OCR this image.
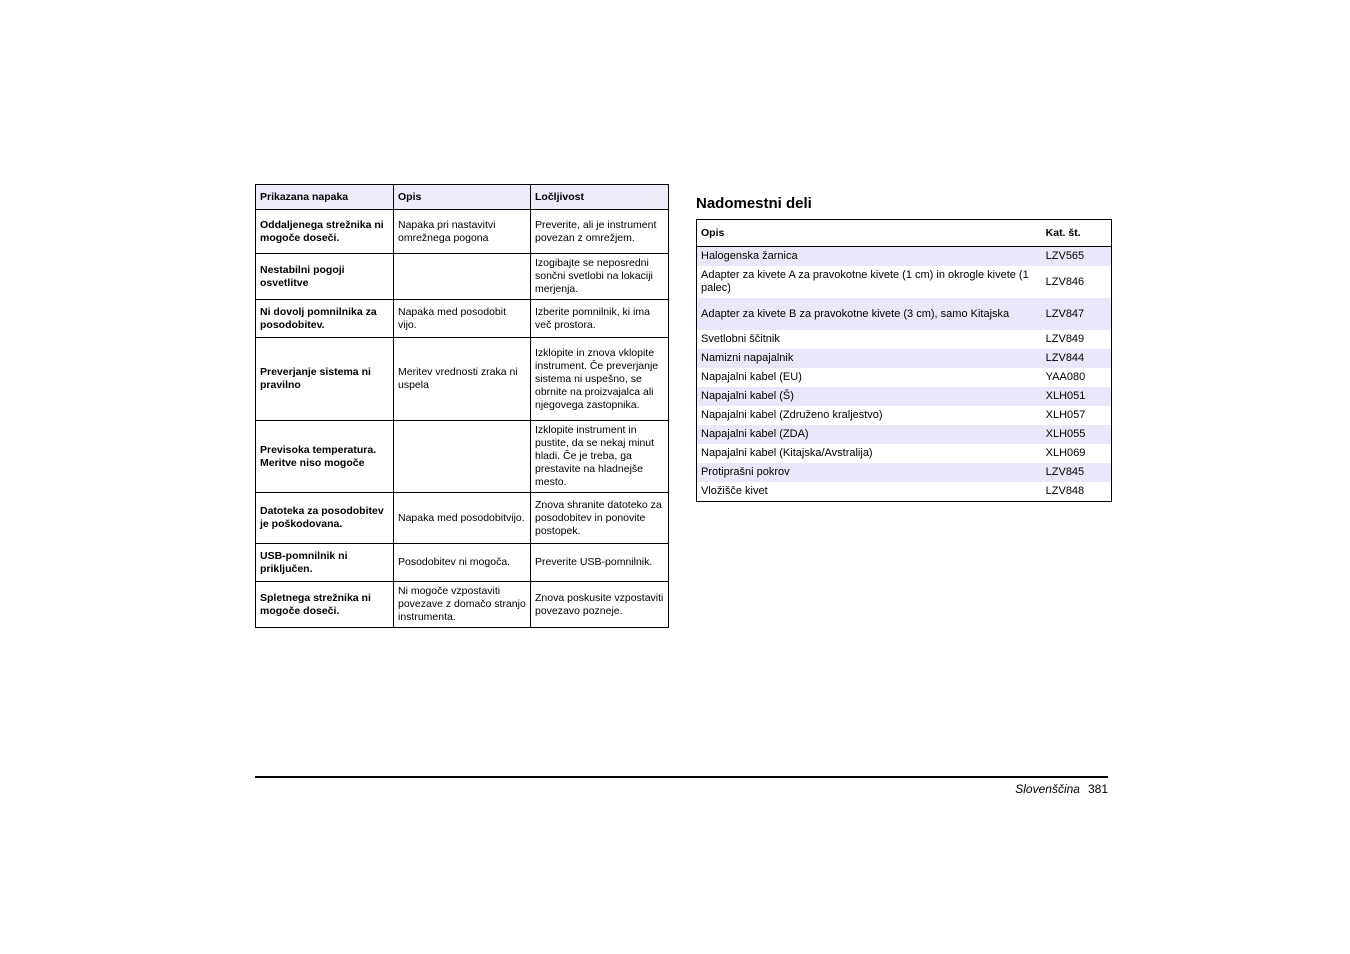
Prikazana napaka	Opis	Ločljivost
Oddaljenega strežnika ni mogoče doseči.	Napaka pri nastavitvi omrežnega pogona	Preverite, ali je instrument povezan z omrežjem.
Nestabilni pogoji osvetlitve		Izogibajte se neposredni sončni svetlobi na lokaciji merjenja.
Ni dovolj pomnilnika za posodobitev.	Napaka med posodobit vijo.	Izberite pomnilnik, ki ima več prostora.
Preverjanje sistema ni pravilno	Meritev vrednosti zraka ni uspela	Izklopite in znova vklopite instrument. Če preverjanje sistema ni uspešno, se obrnite na proizvajalca ali njegovega zastopnika.
Previsoka temperatura. Meritve niso mogoče		Izklopite instrument in pustite, da se nekaj minut hladi. Če je treba, ga prestavite na hladnejše mesto.
Datoteka za posodobitev je poškodovana.	Napaka med posodobitvijo.	Znova shranite datoteko za posodobitev in ponovite postopek.
USB-pomnilnik ni priključen.	Posodobitev ni mogoča.	Preverite USB-pomnilnik.
Spletnega strežnika ni mogoče doseči.	Ni mogoče vzpostaviti povezave z domačo stranjo instrumenta.	Znova poskusite vzpostaviti povezavo pozneje.
Nadomestni deli
Opis	Kat. št.
Halogenska žarnica	LZV565
Adapter za kivete A za pravokotne kivete (1 cm) in okrogle kivete (1 palec)	LZV846
Adapter za kivete B za pravokotne kivete (3 cm), samo Kitajska	LZV847
Svetlobni ščitnik	LZV849
Namizni napajalnik	LZV844
Napajalni kabel (EU)	YAA080
Napajalni kabel (Š)	XLH051
Napajalni kabel (Združeno kraljestvo)	XLH057
Napajalni kabel (ZDA)	XLH055
Napajalni kabel (Kitajska/Avstralija)	XLH069
Protiprašni pokrov	LZV845
Vložišče kivet	LZV848
Slovenščina 381
